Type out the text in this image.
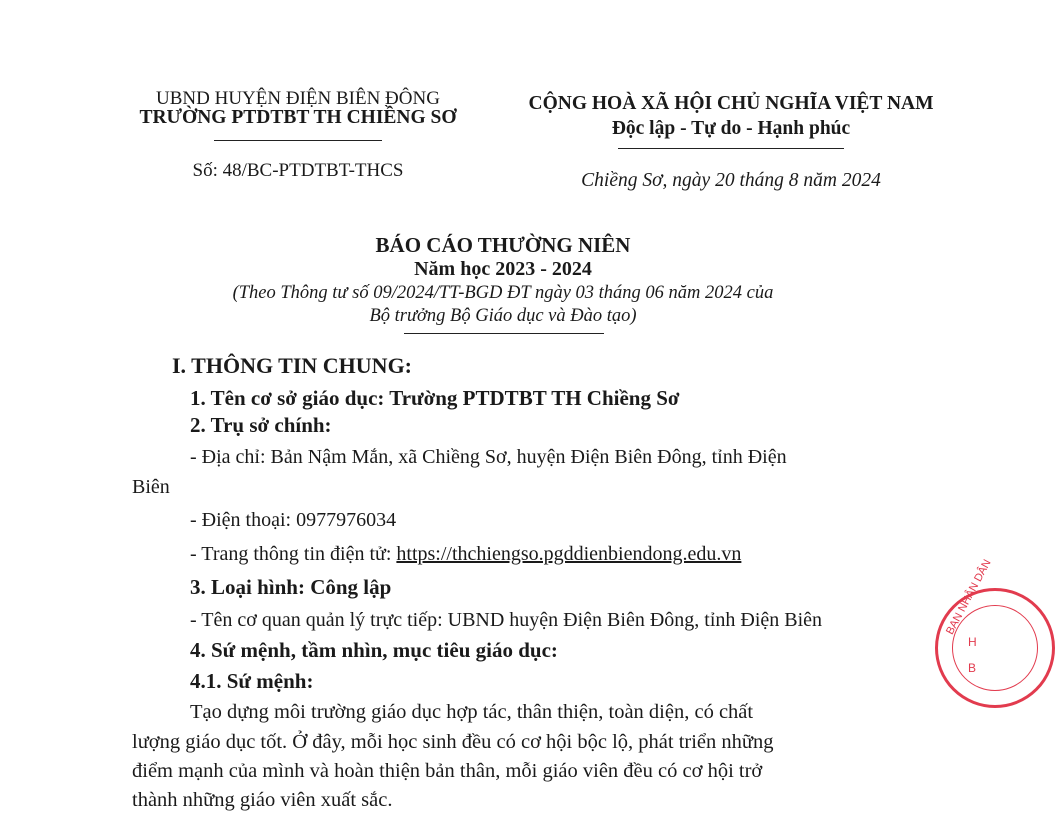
UBND HUYỆN ĐIỆN BIÊN ĐÔNG
TRƯỜNG PTDTBT TH CHIỀNG SƠ
Số: 48/BC-PTDTBT-THCS
CỘNG HOÀ XÃ HỘI CHỦ NGHĨA VIỆT NAM
Độc lập - Tự do - Hạnh phúc
Chiềng Sơ, ngày 20 tháng 8 năm 2024
BÁO CÁO THƯỜNG NIÊN
Năm học 2023 - 2024
(Theo Thông tư số 09/2024/TT-BGD ĐT ngày 03 tháng 06 năm 2024 của
Bộ trưởng Bộ Giáo dục và Đào tạo)
I. THÔNG TIN CHUNG:
1. Tên cơ sở giáo dục: Trường PTDTBT TH Chiềng Sơ
2. Trụ sở chính:
- Địa chỉ: Bản Nậm Mắn, xã Chiềng Sơ, huyện Điện Biên Đông, tỉnh Điện
Biên
- Điện thoại: 0977976034
- Trang thông tin điện tử: https://thchiengso.pgddienbiendong.edu.vn
3. Loại hình: Công lập
- Tên cơ quan quản lý trực tiếp: UBND huyện Điện Biên Đông, tỉnh Điện Biên
4. Sứ mệnh, tầm nhìn, mục tiêu giáo dục:
4.1. Sứ mệnh:
Tạo dựng môi trường giáo dục hợp tác, thân thiện, toàn diện, có chất
lượng giáo dục tốt. Ở đây, mỗi học sinh đều có cơ hội bộc lộ, phát triển những
điểm mạnh của mình và hoàn thiện bản thân, mỗi giáo viên đều có cơ hội trở
thành những giáo viên xuất sắc.
BAN NHÂN DÂN
H
B
